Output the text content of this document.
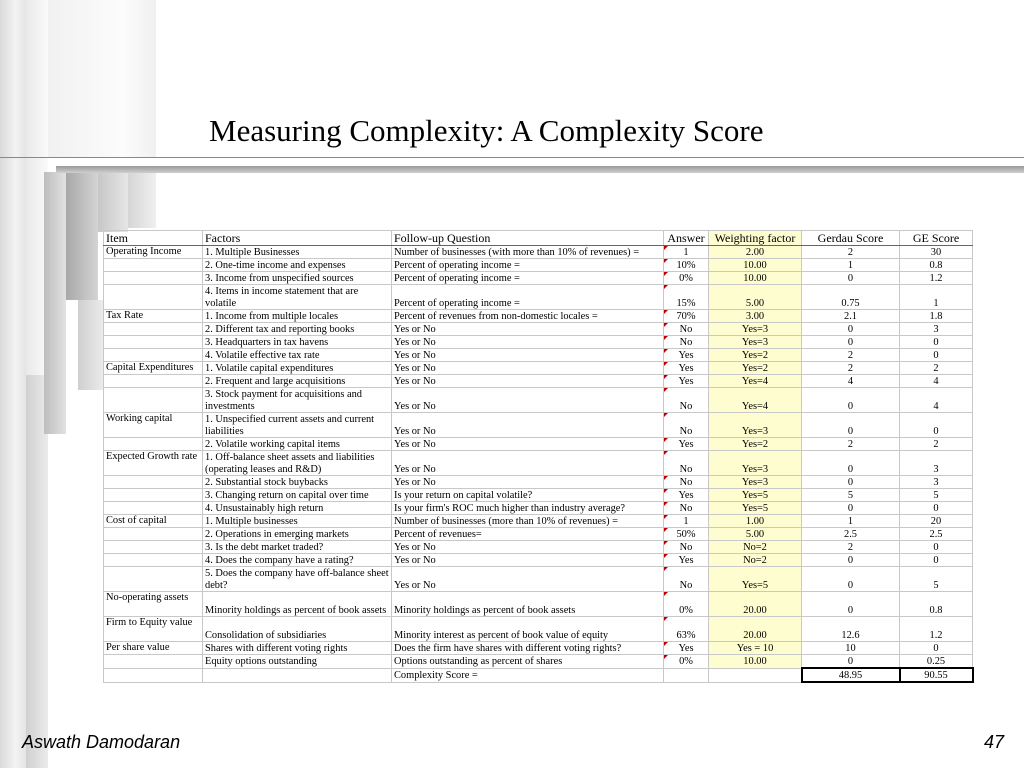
Measuring Complexity: A Complexity Score
Item	Factors	Follow-up Question	Answer	Weighting factor	Gerdau Score	GE Score
Operating Income	1. Multiple Businesses	Number of businesses (with more than 10% of revenues) =	1	2.00	2	30
	2. One-time income and expenses	Percent of operating income =	10%	10.00	1	0.8
	3. Income from unspecified sources	Percent of operating income =	0%	10.00	0	1.2
	4. Items in income statement that are volatile	Percent of operating income =	15%	5.00	0.75	1
Tax Rate	1. Income from multiple locales	Percent of revenues from non-domestic locales =	70%	3.00	2.1	1.8
	2. Different tax and reporting books	Yes or No	No	Yes=3	0	3
	3. Headquarters in tax havens	Yes or No	No	Yes=3	0	0
	4. Volatile effective tax rate	Yes or No	Yes	Yes=2	2	0
Capital Expenditures	1. Volatile capital expenditures	Yes or No	Yes	Yes=2	2	2
	2. Frequent and large acquisitions	Yes or No	Yes	Yes=4	4	4
	3. Stock payment for acquisitions and investments	Yes or No	No	Yes=4	0	4
Working capital	1. Unspecified current assets and current liabilities	Yes or No	No	Yes=3	0	0
	2. Volatile working capital items	Yes or No	Yes	Yes=2	2	2
Expected Growth rate	1. Off-balance sheet assets and liabilities (operating leases and R&D)	Yes or No	No	Yes=3	0	3
	2. Substantial stock buybacks	Yes or No	No	Yes=3	0	3
	3. Changing return on capital over time	Is your return on capital volatile?	Yes	Yes=5	5	5
	4. Unsustainably high return	Is your firm's ROC much higher than industry average?	No	Yes=5	0	0
Cost of capital	1. Multiple businesses	Number of businesses (more than 10% of revenues) =	1	1.00	1	20
	2. Operations in emerging markets	Percent of revenues=	50%	5.00	2.5	2.5
	3. Is the debt market traded?	Yes or No	No	No=2	2	0
	4. Does the company have a rating?	Yes or No	Yes	No=2	0	0
	5. Does the company have off-balance sheet debt?	Yes or No	No	Yes=5	0	5
No-operating assets	Minority holdings as percent of book assets	Minority holdings as percent of book assets	0%	20.00	0	0.8
Firm to Equity value	Consolidation of subsidiaries	Minority interest as percent of book value of equity	63%	20.00	12.6	1.2
Per share value	Shares with different voting rights	Does the firm have shares with different voting rights?	Yes	Yes = 10	10	0
	Equity options outstanding	Options outstanding as percent of shares	0%	10.00	0	0.25
		Complexity Score =			48.95	90.55
Aswath Damodaran	47
